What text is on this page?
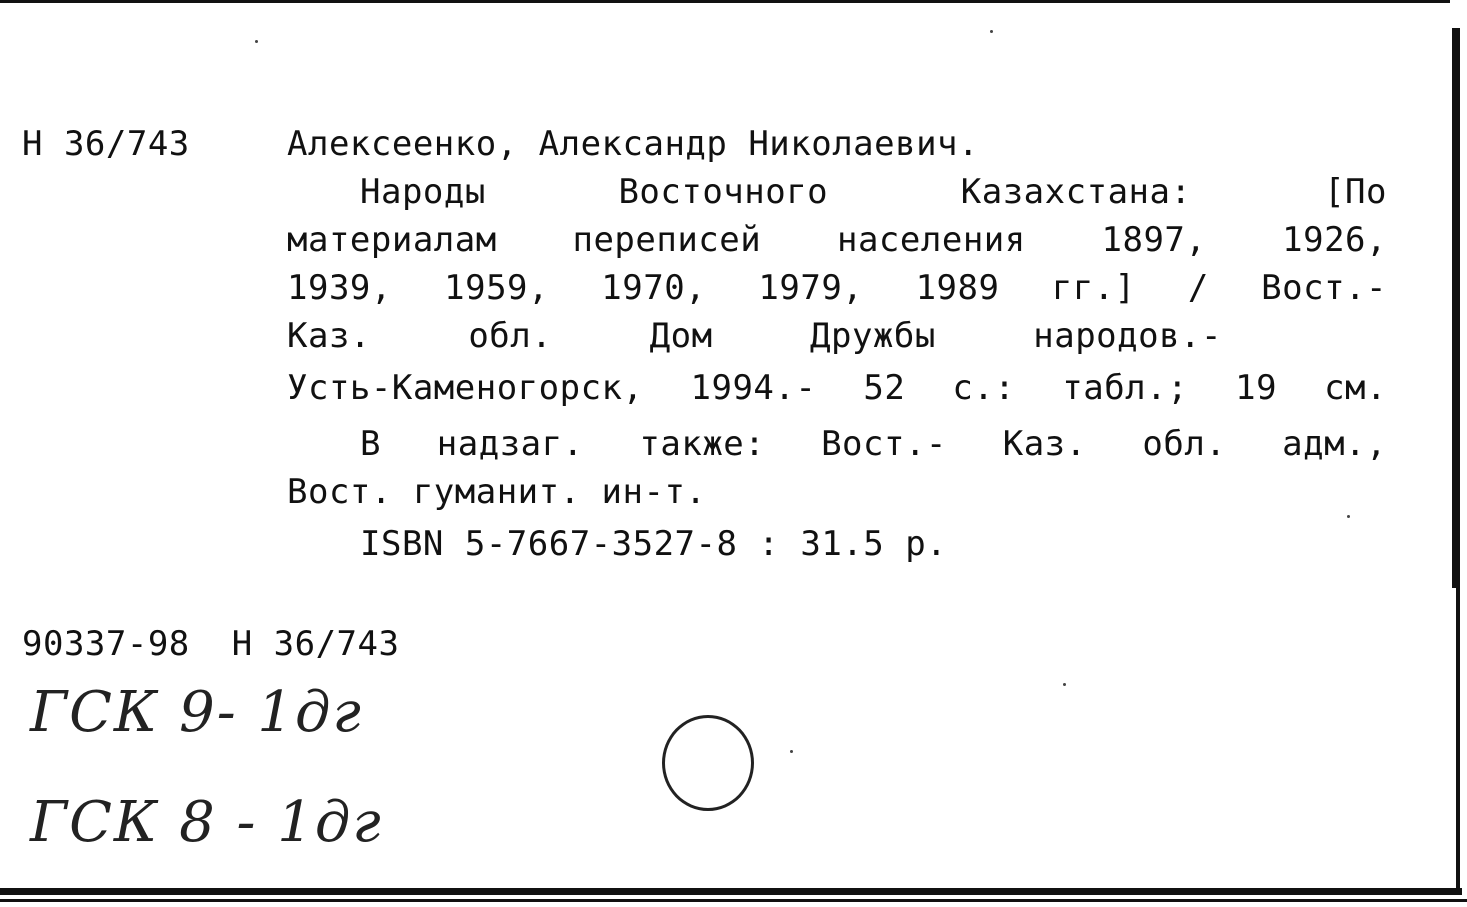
Н 36/743	Алексеенко, Александр Николаевич.
Народы Восточного Казахстана: [По
материалам переписей населения 1897, 1926,
1939, 1959, 1970, 1979, 1989 гг.] / Вост.-
Каз. обл. Дом Дружбы народов.-
Усть-Каменогорск, 1994.- 52 с.: табл.; 19 см.
В надзаг. также: Вост.- Каз. обл. адм.,
Вост. гуманит. ин-т.
ISBN 5-7667-3527-8 : 31.5 р.
90337-98  Н 36/743
ГСК 9- 1дг
ГСК 8 - 1дг
